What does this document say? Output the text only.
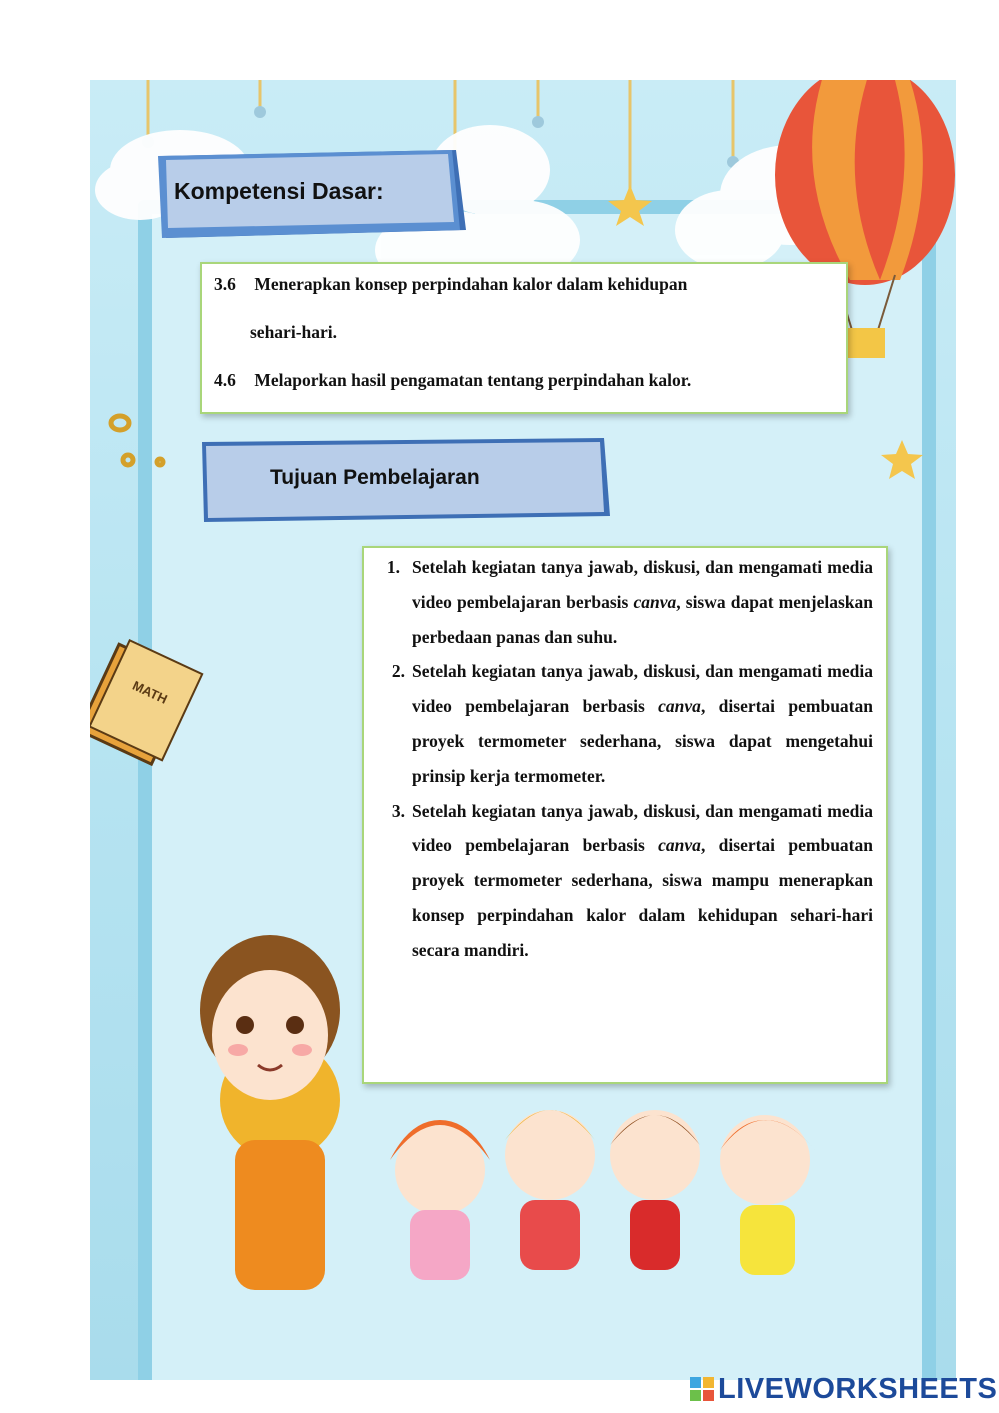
MATH
Kompetensi Dasar:
3.6 Menerapkan konsep perpindahan kalor dalam kehidupan
sehari-hari.
4.6 Melaporkan hasil pengamatan tentang perpindahan kalor.
Tujuan Pembelajaran
1. Setelah kegiatan tanya jawab, diskusi, dan mengamati media video pembelajaran berbasis canva, siswa dapat menjelaskan perbedaan panas dan suhu.
2. Setelah kegiatan tanya jawab, diskusi, dan mengamati media video pembelajaran berbasis canva, disertai pembuatan proyek termometer sederhana, siswa dapat mengetahui prinsip kerja termometer.
3. Setelah kegiatan tanya jawab, diskusi, dan mengamati media video pembelajaran berbasis canva, disertai pembuatan proyek termometer sederhana, siswa mampu menerapkan konsep perpindahan kalor dalam kehidupan sehari-hari secara mandiri.
LIVEWORKSHEETS
